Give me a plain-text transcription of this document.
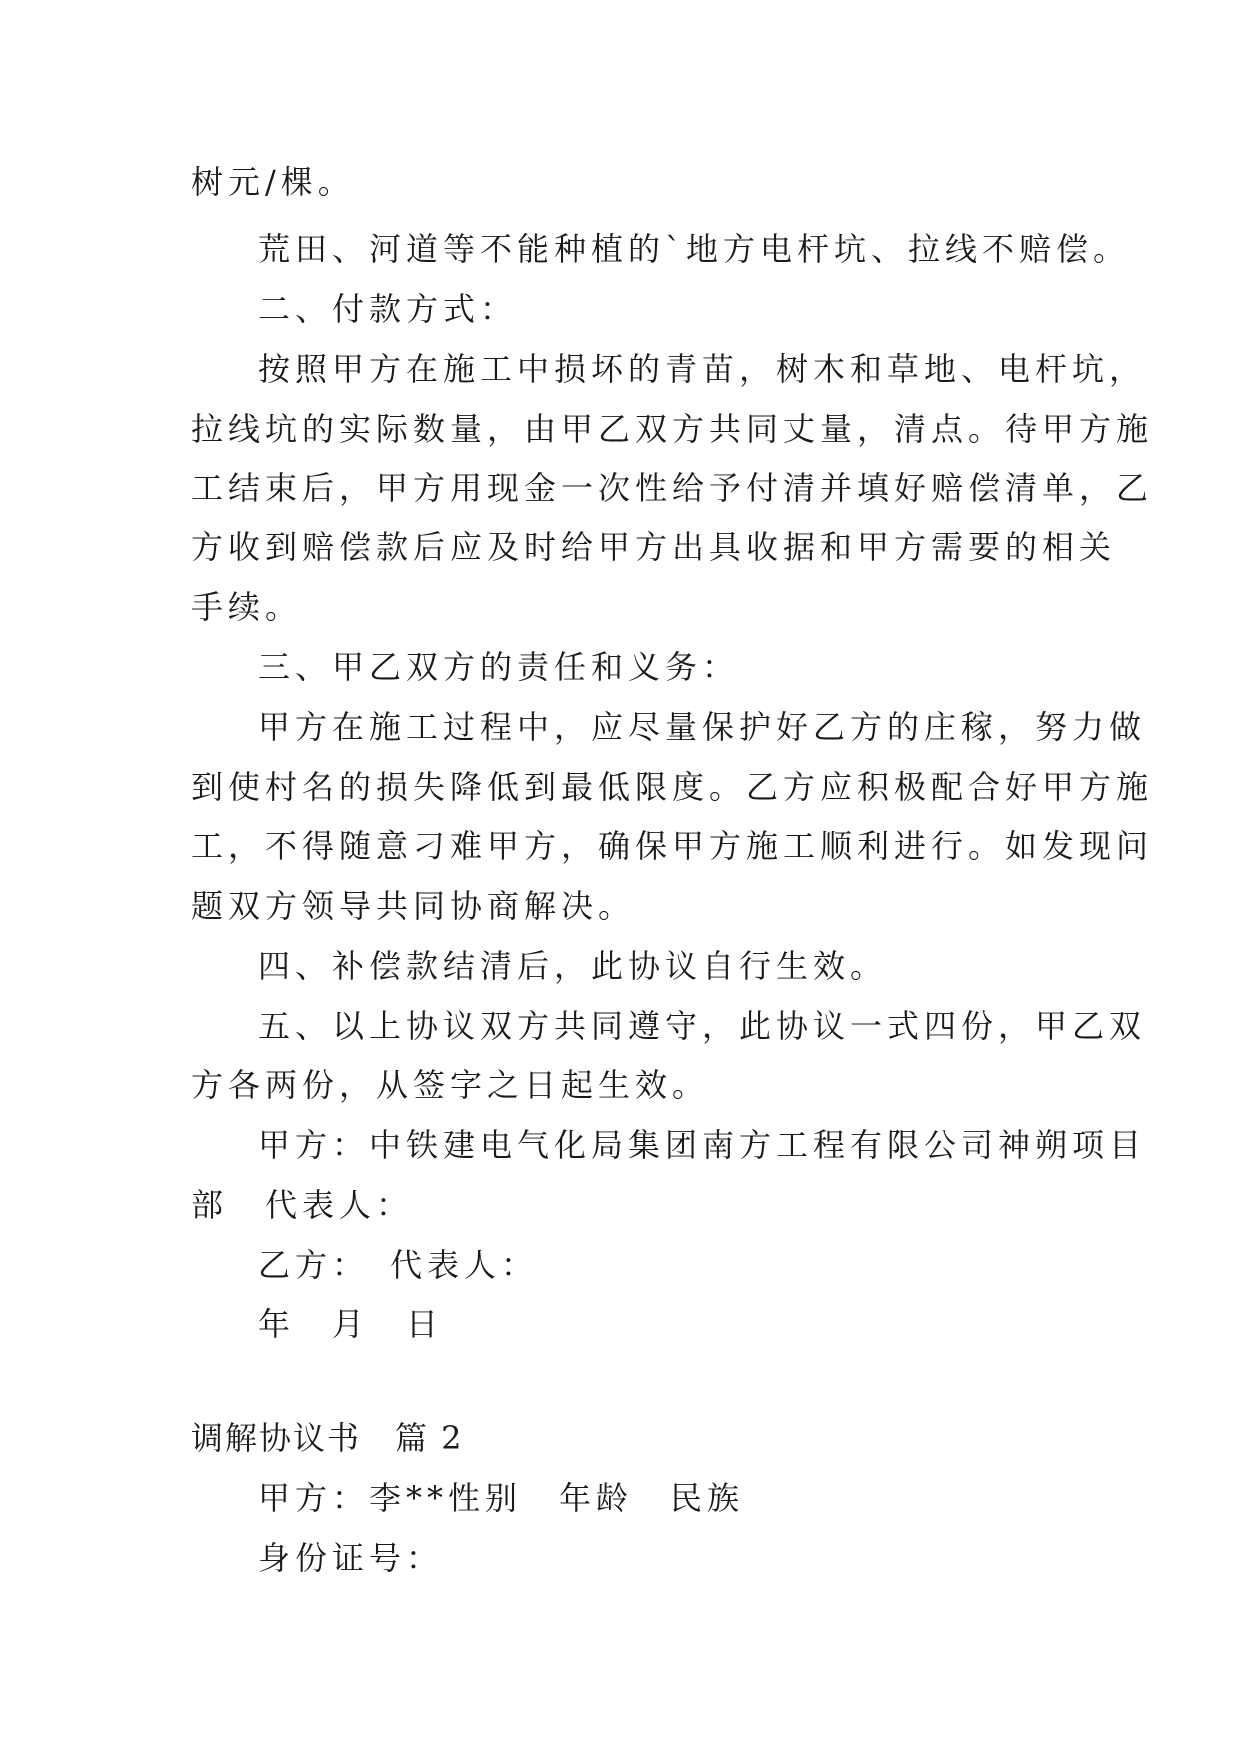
树元/棵。
荒田、河道等不能种植的`地方电杆坑、拉线不赔偿。
二、付款方式：
按照甲方在施工中损坏的青苗，树木和草地、电杆坑，
拉线坑的实际数量，由甲乙双方共同丈量，清点。待甲方施
工结束后，甲方用现金一次性给予付清并填好赔偿清单，乙
方收到赔偿款后应及时给甲方出具收据和甲方需要的相关
手续。
三、甲乙双方的责任和义务：
甲方在施工过程中，应尽量保护好乙方的庄稼，努力做
到使村名的损失降低到最低限度。乙方应积极配合好甲方施
工，不得随意刁难甲方，确保甲方施工顺利进行。如发现问
题双方领导共同协商解决。
四、补偿款结清后，此协议自行生效。
五、以上协议双方共同遵守，此协议一式四份，甲乙双
方各两份，从签字之日起生效。
甲方：中铁建电气化局集团南方工程有限公司神朔项目
部　代表人：
乙方：　代表人：
年　月　日
调解协议书　篇 2
甲方：李**性别　年龄　民族
身份证号：
